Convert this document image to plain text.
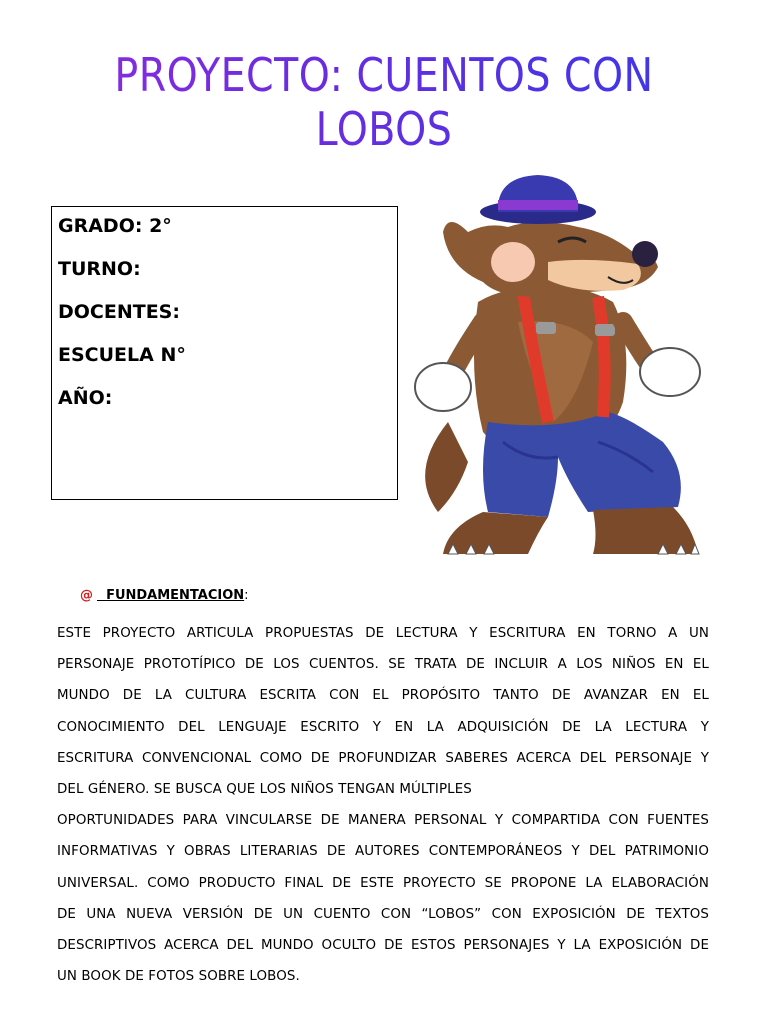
PROYECTO: CUENTOS CON LOBOS
GRADO: 2°
TURNO:
DOCENTES:
ESCUELA N°
AÑO:
@ FUNDAMENTACION:

ESTE PROYECTO ARTICULA PROPUESTAS DE LECTURA Y ESCRITURA EN TORNO A UN

PERSONAJE PROTOTÍPICO DE LOS CUENTOS. SE TRATA DE INCLUIR A LOS NIÑOS EN EL

MUNDO DE LA CULTURA ESCRITA CON EL PROPÓSITO TANTO DE AVANZAR EN EL

CONOCIMIENTO DEL LENGUAJE ESCRITO Y EN LA ADQUISICIÓN DE LA LECTURA Y

ESCRITURA CONVENCIONAL COMO DE PROFUNDIZAR SABERES ACERCA DEL PERSONAJE Y

DEL GÉNERO. SE BUSCA QUE LOS NIÑOS TENGAN MÚLTIPLES

OPORTUNIDADES PARA VINCULARSE DE MANERA PERSONAL Y COMPARTIDA CON FUENTES

INFORMATIVAS Y OBRAS LITERARIAS DE AUTORES CONTEMPORÁNEOS Y DEL PATRIMONIO

UNIVERSAL. COMO PRODUCTO FINAL DE ESTE PROYECTO SE PROPONE LA ELABORACIÓN

DE UNA NUEVA VERSIÓN DE UN CUENTO CON “LOBOS” CON EXPOSICIÓN DE TEXTOS

DESCRIPTIVOS ACERCA DEL MUNDO OCULTO DE ESTOS PERSONAJES Y LA EXPOSICIÓN DE

UN BOOK DE FOTOS SOBRE LOBOS.
